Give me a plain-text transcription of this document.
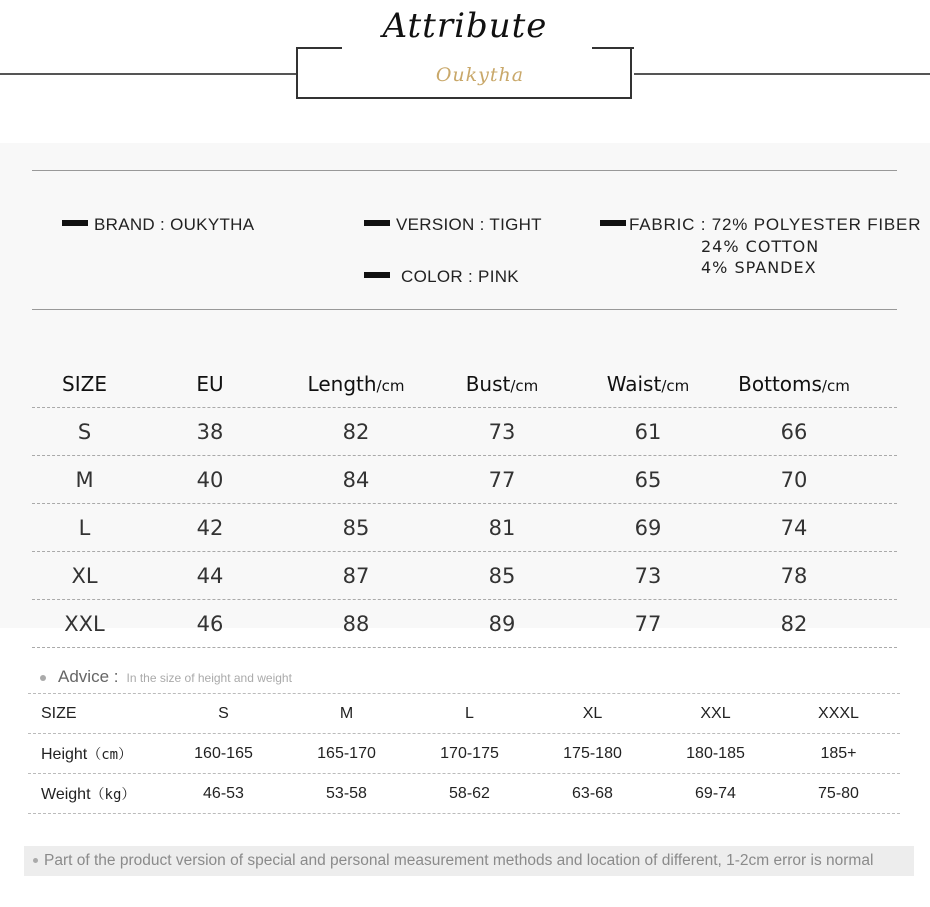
Attribute
Oukytha
BRAND : OUKYTHA	VERSION : TIGHT
COLOR : PINK
FABRIC : 72% POLYESTER FIBER
24% COTTON
4% SPANDEX
SIZE	EU	Length/cm	Bust/cm	Waist/cm	Bottoms/cm
S	38	82	73	61	66
M	40	84	77	65	70
L	42	85	81	69	74
XL	44	87	85	73	78
XXL	46	88	89	77	82
Advice : In the size of height and weight
SIZE	S	M	L	XL	XXL	XXXL
Height（cm）	160-165	165-170	170-175	175-180	180-185	185+
Weight（kg）	46-53	53-58	58-62	63-68	69-74	75-80
Part of the product version of special and personal measurement methods and location of different, 1-2cm error is normal
